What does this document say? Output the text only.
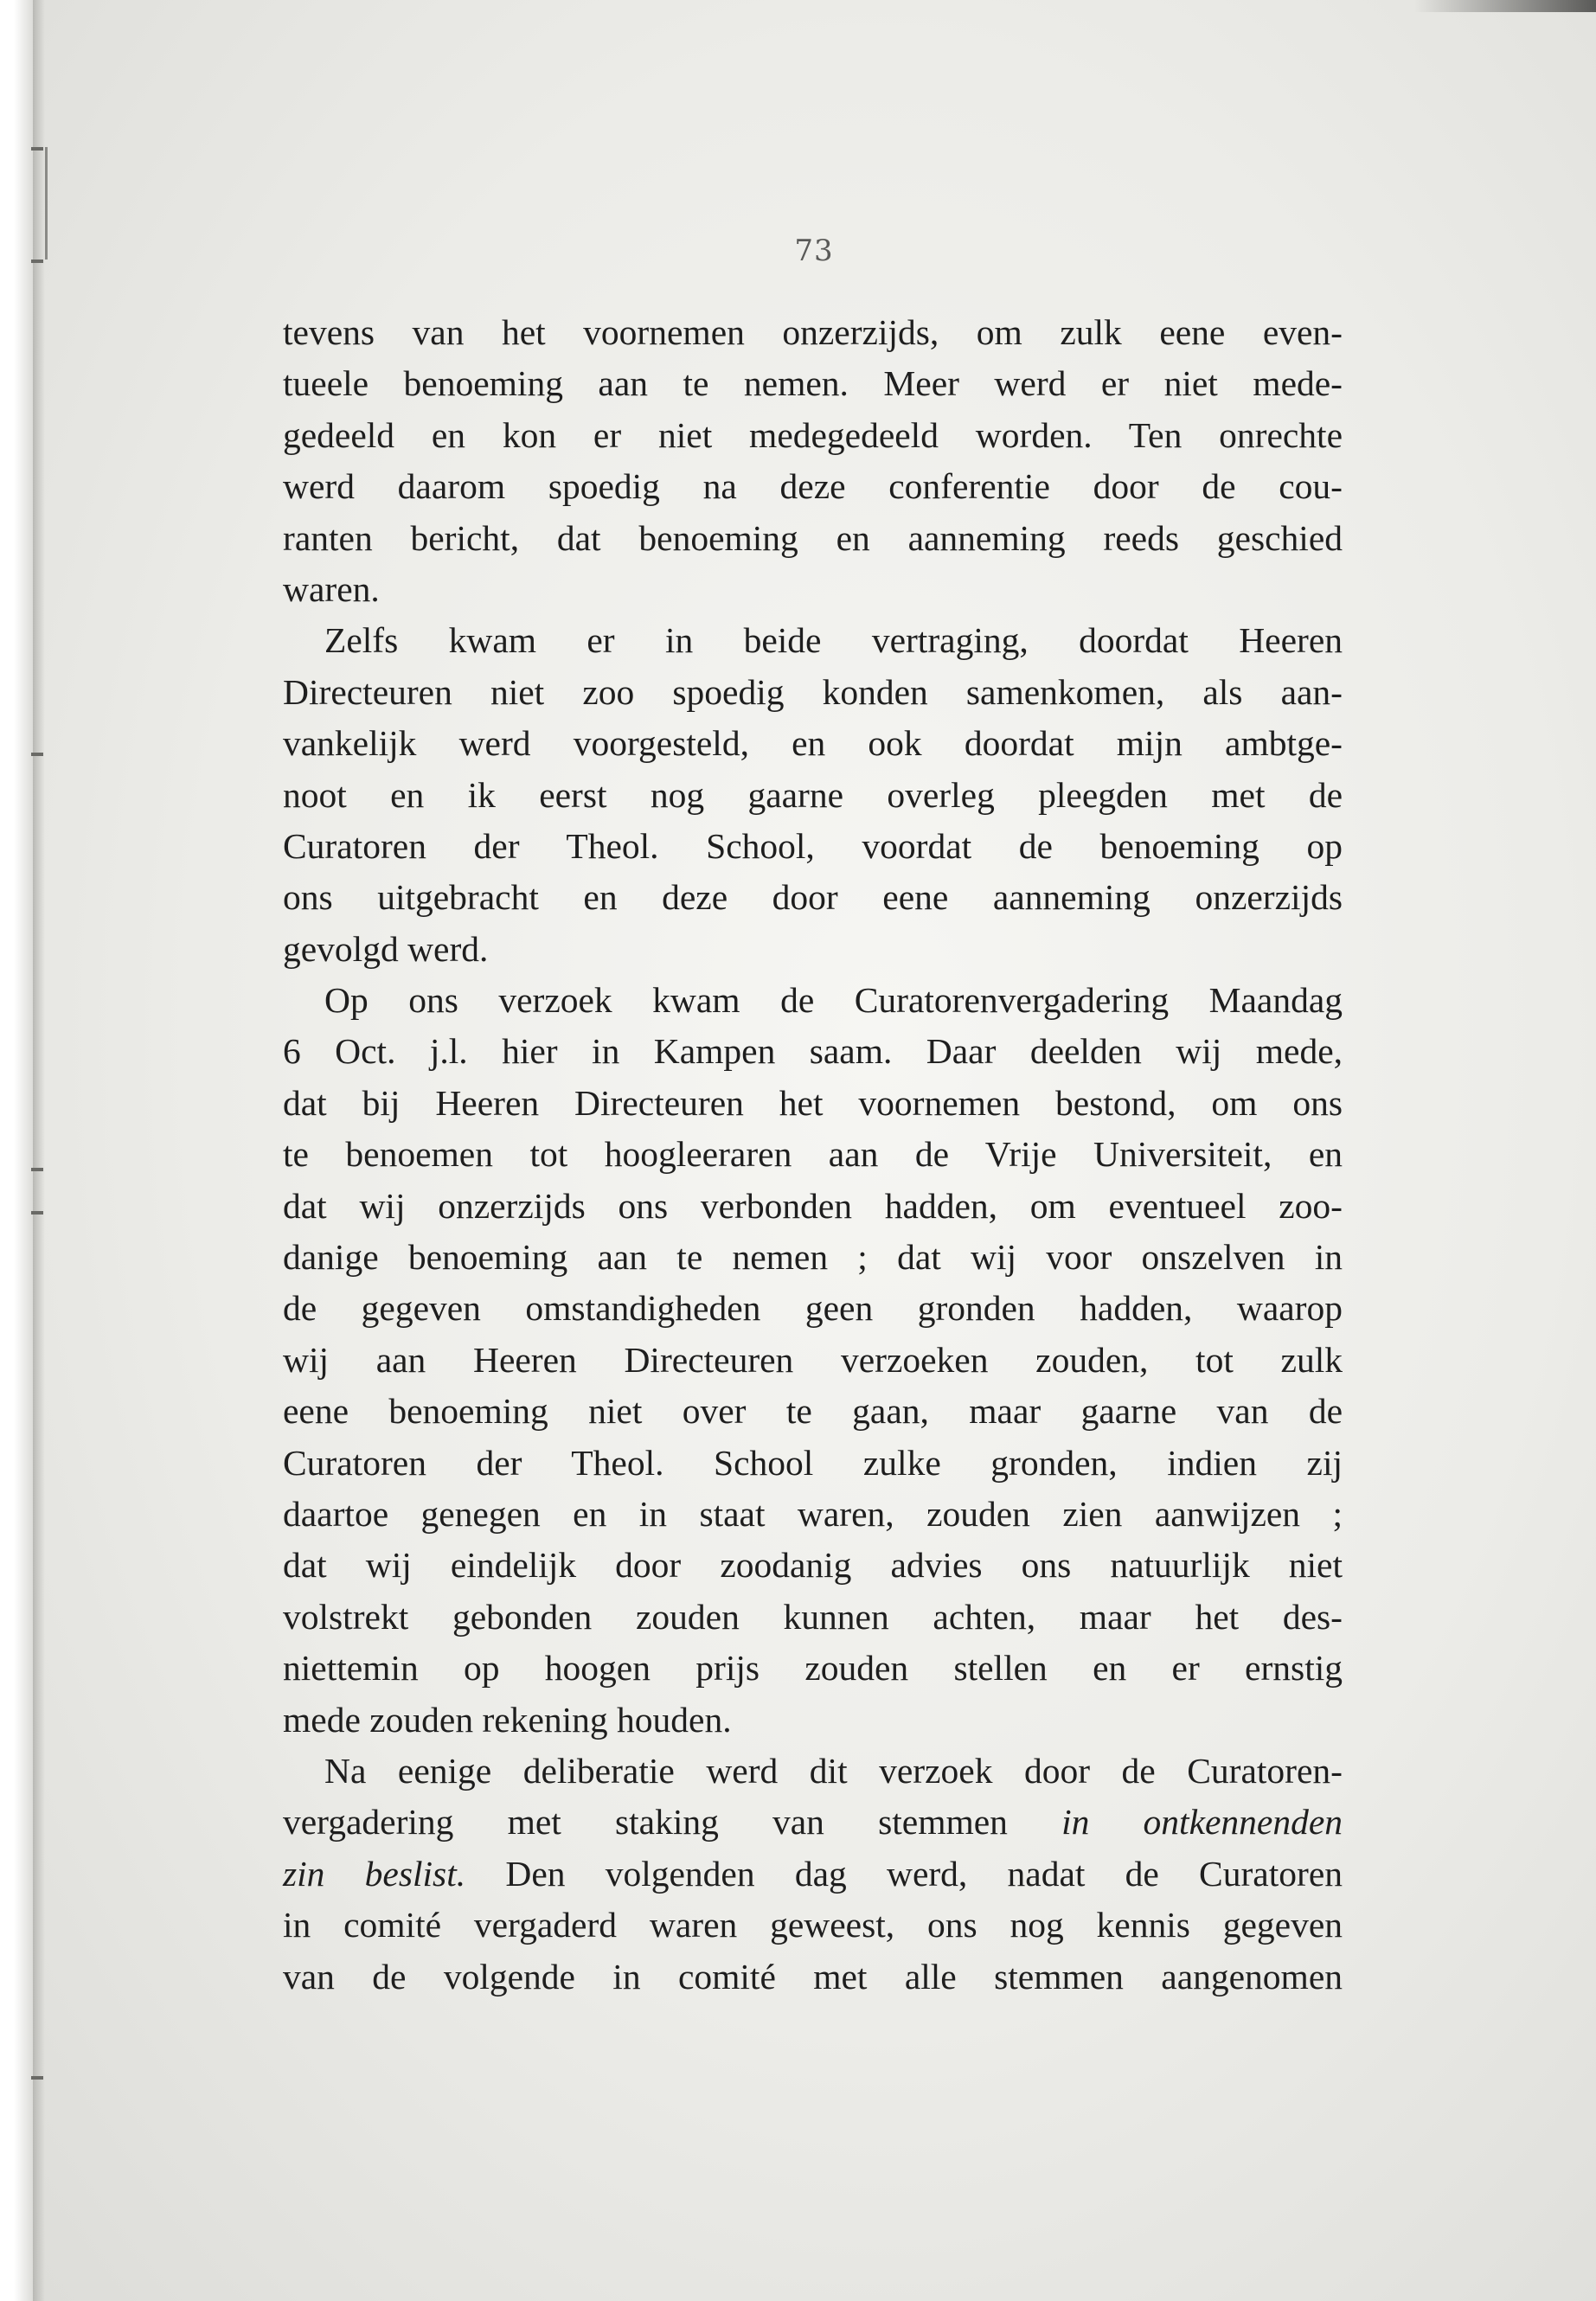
73
tevens van het voornemen onzerzijds, om zulk eene even-
tueele benoeming aan te nemen. Meer werd er niet mede-
gedeeld en kon er niet medegedeeld worden. Ten onrechte
werd daarom spoedig na deze conferentie door de cou-
ranten bericht, dat benoeming en aanneming reeds geschied
waren.
Zelfs kwam er in beide vertraging, doordat Heeren
Directeuren niet zoo spoedig konden samenkomen, als aan-
vankelijk werd voorgesteld, en ook doordat mijn ambtge-
noot en ik eerst nog gaarne overleg pleegden met de
Curatoren der Theol. School, voordat de benoeming op
ons uitgebracht en deze door eene aanneming onzerzijds
gevolgd werd.
Op ons verzoek kwam de Curatorenvergadering Maandag
6 Oct. j.l. hier in Kampen saam. Daar deelden wij mede,
dat bij Heeren Directeuren het voornemen bestond, om ons
te benoemen tot hoogleeraren aan de Vrije Universiteit, en
dat wij onzerzijds ons verbonden hadden, om eventueel zoo-
danige benoeming aan te nemen ; dat wij voor onszelven in
de gegeven omstandigheden geen gronden hadden, waarop
wij aan Heeren Directeuren verzoeken zouden, tot zulk
eene benoeming niet over te gaan, maar gaarne van de
Curatoren der Theol. School zulke gronden, indien zij
daartoe genegen en in staat waren, zouden zien aanwijzen ;
dat wij eindelijk door zoodanig advies ons natuurlijk niet
volstrekt gebonden zouden kunnen achten, maar het des-
niettemin op hoogen prijs zouden stellen en er ernstig
mede zouden rekening houden.
Na eenige deliberatie werd dit verzoek door de Curatoren-
vergadering met staking van stemmen in ontkennenden
zin beslist. Den volgenden dag werd, nadat de Curatoren
in comité vergaderd waren geweest, ons nog kennis gegeven
van de volgende in comité met alle stemmen aangenomen
